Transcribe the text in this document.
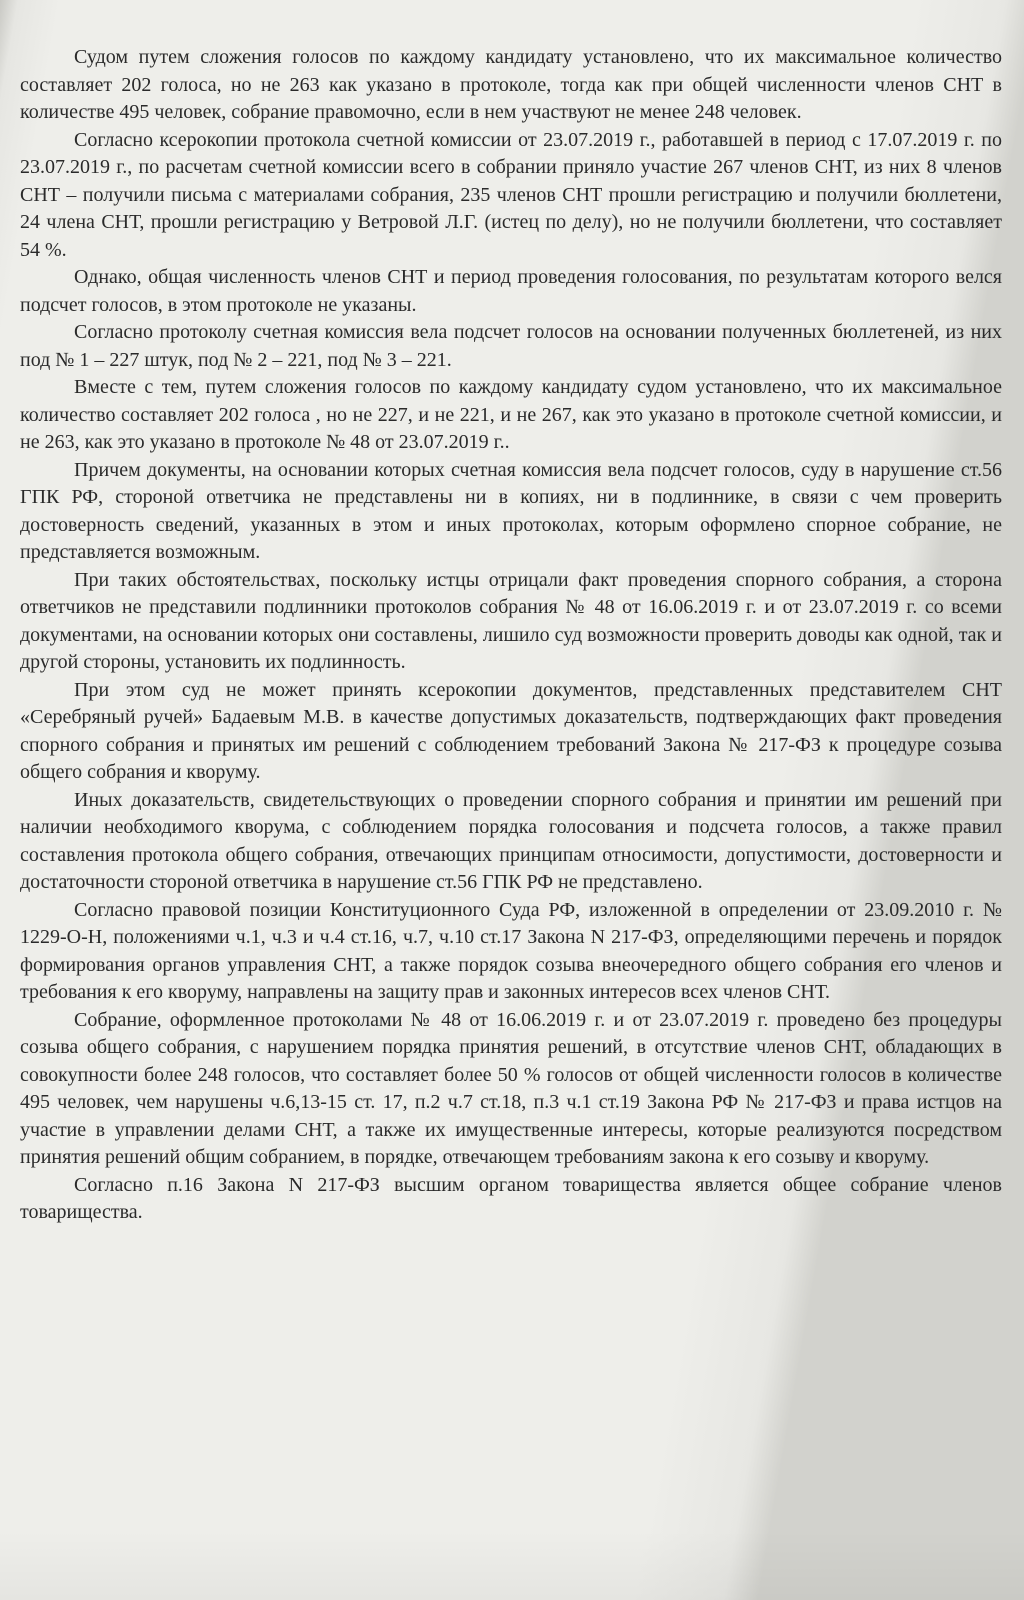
Судом путем сложения голосов по каждому кандидату установлено, что их максимальное количество составляет 202 голоса, но не 263 как указано в протоколе, тогда как при общей численности членов СНТ в количестве 495 человек, собрание правомочно, если в нем участвуют не менее 248 человек.

Согласно ксерокопии протокола счетной комиссии от 23.07.2019 г., работавшей в период с 17.07.2019 г. по 23.07.2019 г., по расчетам счетной комиссии всего в собрании приняло участие 267 членов СНТ, из них 8 членов СНТ – получили письма с материалами собрания, 235 членов СНТ прошли регистрацию и получили бюллетени, 24 члена СНТ, прошли регистрацию у Ветровой Л.Г. (истец по делу), но не получили бюллетени, что составляет 54 %.

Однако, общая численность членов СНТ и период проведения голосования, по результатам которого велся подсчет голосов, в этом протоколе не указаны.

Согласно протоколу счетная комиссия вела подсчет голосов на основании полученных бюллетеней, из них под № 1 – 227 штук, под № 2 – 221, под № 3 – 221.

Вместе с тем, путем сложения голосов по каждому кандидату судом установлено, что их максимальное количество составляет 202 голоса , но не 227, и не 221, и не 267, как это указано в протоколе счетной комиссии, и не 263, как это указано в протоколе № 48 от 23.07.2019 г..

Причем документы, на основании которых счетная комиссия вела подсчет голосов, суду в нарушение ст.56 ГПК РФ, стороной ответчика не представлены ни в копиях, ни в подлиннике, в связи с чем проверить достоверность сведений, указанных в этом и иных протоколах, которым оформлено спорное собрание, не представляется возможным.

При таких обстоятельствах, поскольку истцы отрицали факт проведения спорного собрания, а сторона ответчиков не представили подлинники протоколов собрания № 48 от 16.06.2019 г. и от 23.07.2019 г. со всеми документами, на основании которых они составлены, лишило суд возможности проверить доводы как одной, так и другой стороны, установить их подлинность.

При этом суд не может принять ксерокопии документов, представленных представителем СНТ «Серебряный ручей» Бадаевым М.В. в качестве допустимых доказательств, подтверждающих факт проведения спорного собрания и принятых им решений с соблюдением требований Закона № 217-ФЗ к процедуре созыва общего собрания и кворуму.

Иных доказательств, свидетельствующих о проведении спорного собрания и принятии им решений при наличии необходимого кворума, с соблюдением порядка голосования и подсчета голосов, а также правил составления протокола общего собрания, отвечающих принципам относимости, допустимости, достоверности и достаточности стороной ответчика в нарушение ст.56 ГПК РФ не представлено.

Согласно правовой позиции Конституционного Суда РФ, изложенной в определении от 23.09.2010 г. № 1229-О-Н, положениями ч.1, ч.3 и ч.4 ст.16, ч.7, ч.10 ст.17 Закона N 217-ФЗ, определяющими перечень и порядок формирования органов управления СНТ, а также порядок созыва внеочередного общего собрания его членов и требования к его кворуму, направлены на защиту прав и законных интересов всех членов СНТ.

Собрание, оформленное протоколами № 48 от 16.06.2019 г. и от 23.07.2019 г. проведено без процедуры созыва общего собрания, с нарушением порядка принятия решений, в отсутствие членов СНТ, обладающих в совокупности более 248 голосов, что составляет более 50 % голосов от общей численности голосов в количестве 495 человек, чем нарушены ч.6,13-15 ст. 17, п.2 ч.7 ст.18, п.3 ч.1 ст.19 Закона РФ № 217-ФЗ и права истцов на участие в управлении делами СНТ, а также их имущественные интересы, которые реализуются посредством принятия решений общим собранием, в порядке, отвечающем требованиям закона к его созыву и кворуму.

Согласно п.16 Закона N 217-ФЗ высшим органом товарищества является общее собрание членов товарищества.
